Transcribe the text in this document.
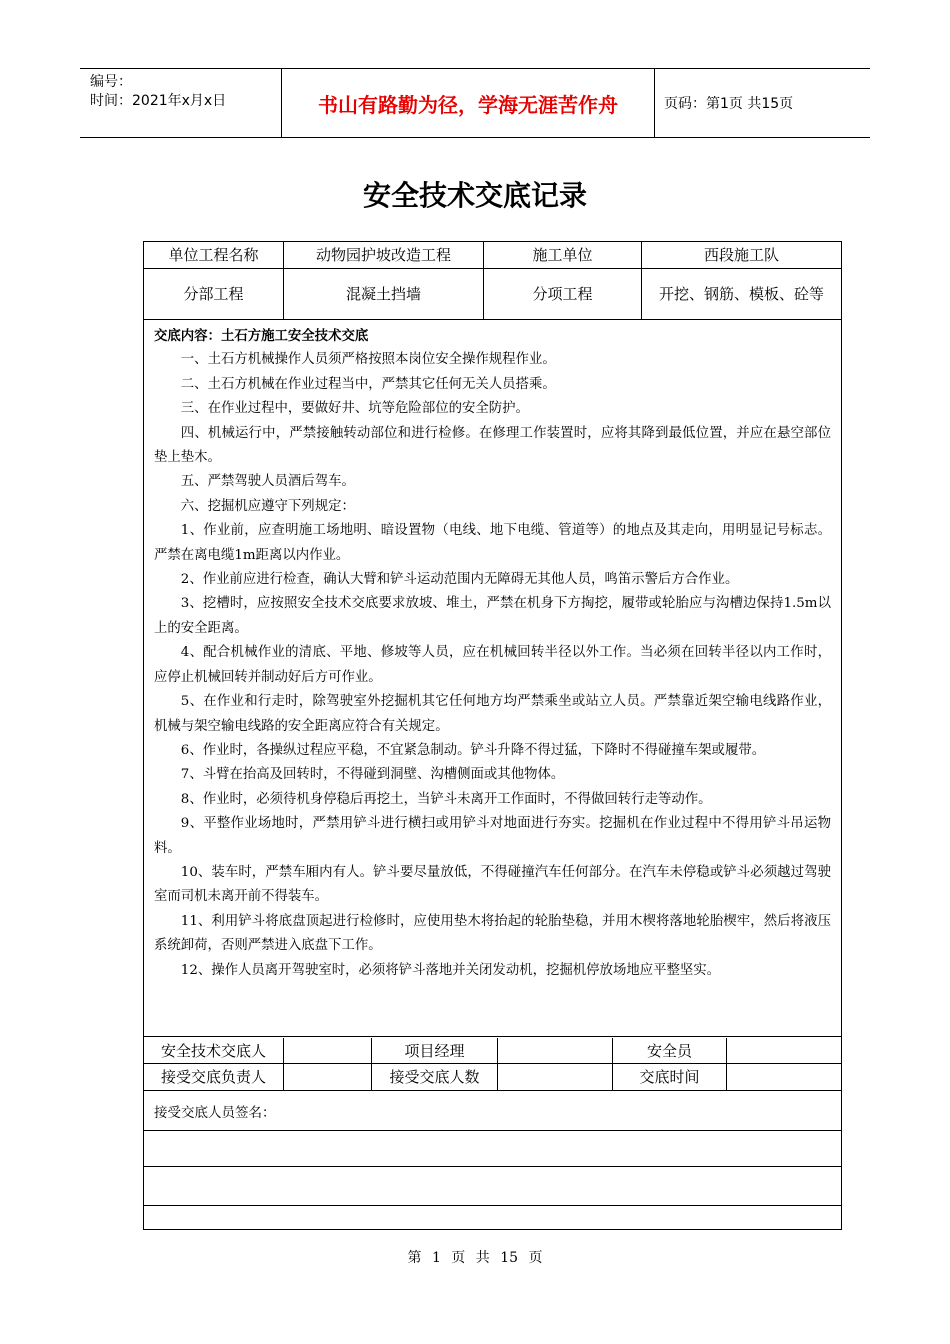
编号：
时间：2021年x月x日	书山有路勤为径，学海无涯苦作舟	页码：第1页 共15页
安全技术交底记录
单位工程名称	动物园护坡改造工程	施工单位	西段施工队
分部工程	混凝土挡墙	分项工程	开挖、钢筋、模板、砼等
交底内容：土石方施工安全技术交底

一、土石方机械操作人员须严格按照本岗位安全操作规程作业。

二、土石方机械在作业过程当中，严禁其它任何无关人员搭乘。

三、在作业过程中，要做好井、坑等危险部位的安全防护。

四、机械运行中，严禁接触转动部位和进行检修。在修理工作装置时，应将其降到最低位置，并应在悬空部位垫上垫木。

五、严禁驾驶人员酒后驾车。

六、挖掘机应遵守下列规定：

1、作业前，应查明施工场地明、暗设置物（电线、地下电缆、管道等）的地点及其走向，用明显记号标志。严禁在离电缆1m距离以内作业。

2、作业前应进行检查，确认大臂和铲斗运动范围内无障碍无其他人员，鸣笛示警后方合作业。

3、挖槽时，应按照安全技术交底要求放坡、堆土，严禁在机身下方掏挖，履带或轮胎应与沟槽边保持1.5m以上的安全距离。

4、配合机械作业的清底、平地、修坡等人员，应在机械回转半径以外工作。当必须在回转半径以内工作时，应停止机械回转并制动好后方可作业。

5、在作业和行走时，除驾驶室外挖掘机其它任何地方均严禁乘坐或站立人员。严禁靠近架空输电线路作业，机械与架空输电线路的安全距离应符合有关规定。

6、作业时，各操纵过程应平稳，不宜紧急制动。铲斗升降不得过猛，下降时不得碰撞车架或履带。

7、斗臂在抬高及回转时，不得碰到洞壁、沟槽侧面或其他物体。

8、作业时，必须待机身停稳后再挖土，当铲斗未离开工作面时，不得做回转行走等动作。

9、平整作业场地时，严禁用铲斗进行横扫或用铲斗对地面进行夯实。挖掘机在作业过程中不得用铲斗吊运物料。

10、装车时，严禁车厢内有人。铲斗要尽量放低，不得碰撞汽车任何部分。在汽车未停稳或铲斗必须越过驾驶室而司机未离开前不得装车。

11、利用铲斗将底盘顶起进行检修时，应使用垫木将抬起的轮胎垫稳，并用木楔将落地轮胎楔牢，然后将液压系统卸荷，否则严禁进入底盘下工作。

12、操作人员离开驾驶室时，必须将铲斗落地并关闭发动机，挖掘机停放场地应平整坚实。

安全技术交底人	项目经理	安全员
接受交底负责人	接受交底人数	交底时间
接受交底人员签名：
第 1 页 共 15 页
